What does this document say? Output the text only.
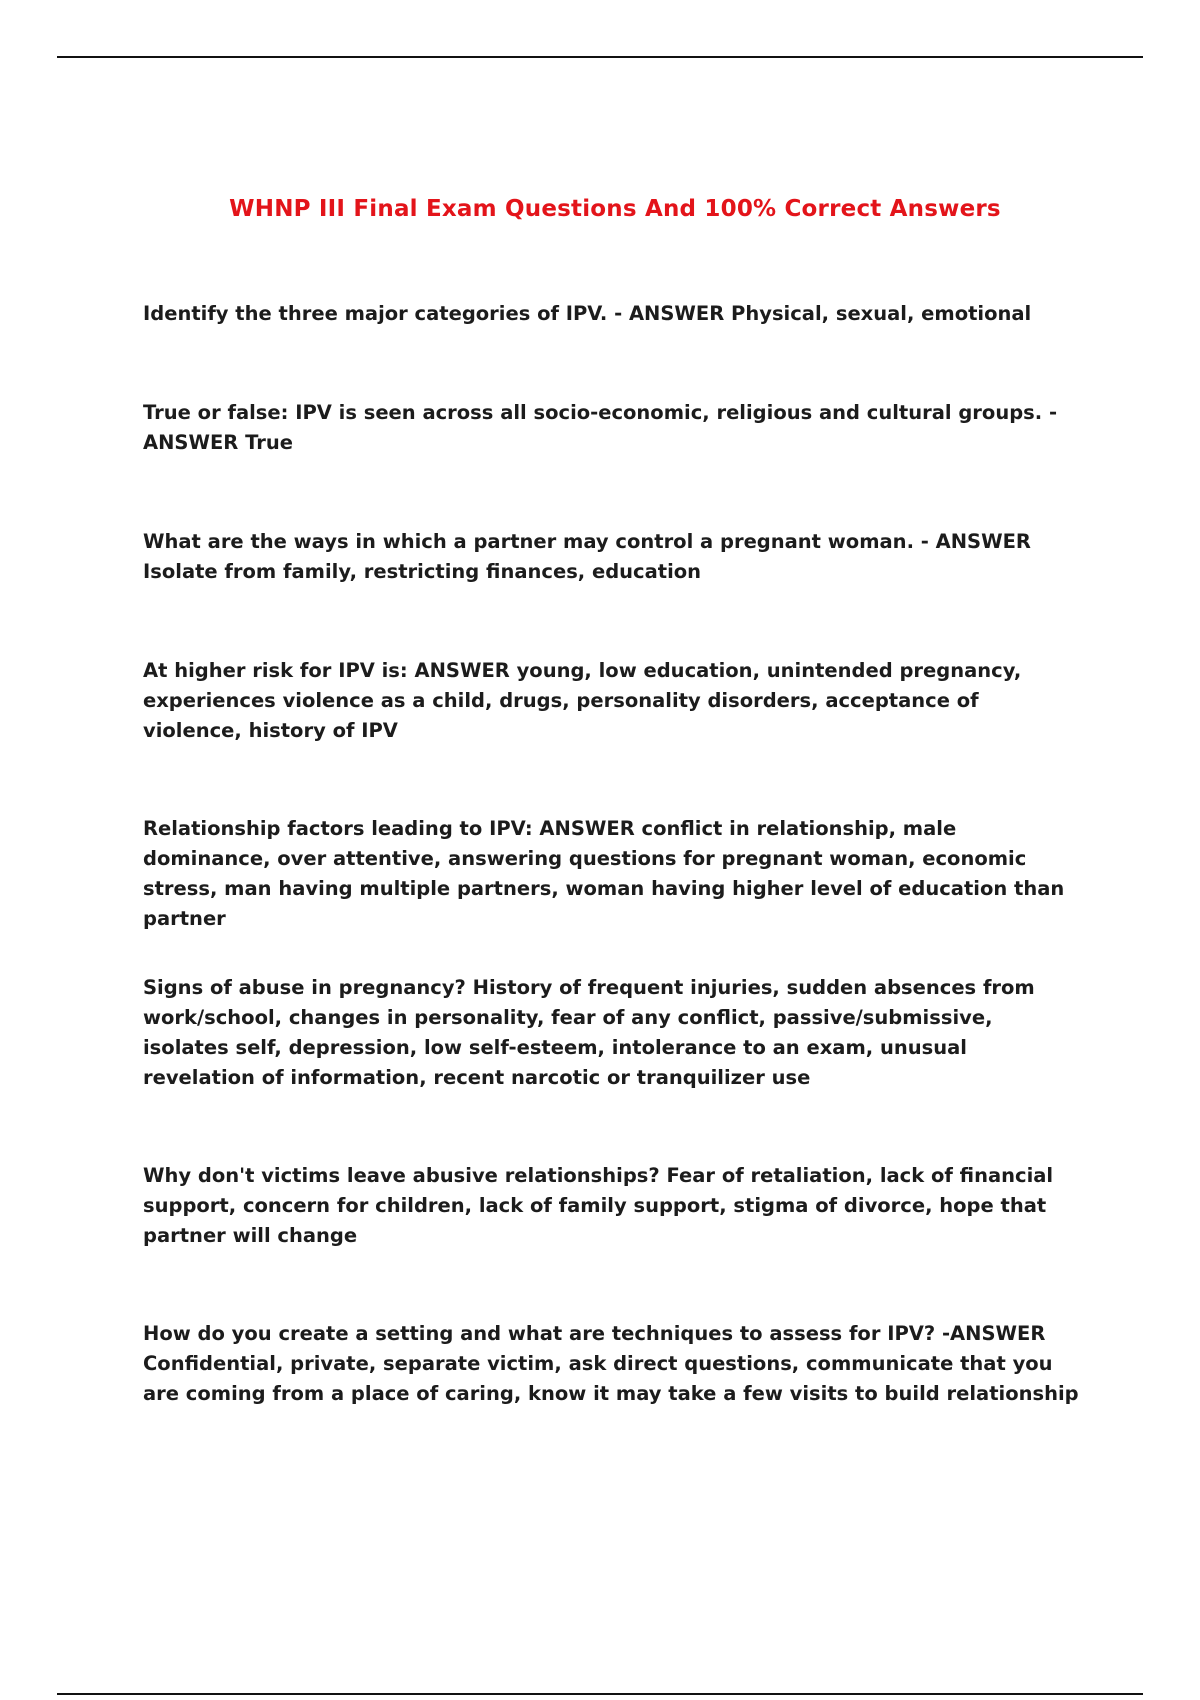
WHNP III Final Exam Questions And 100% Correct Answers

Identify the three major categories of IPV. - ANSWER Physical, sexual, emotional

True or false: IPV is seen across all socio-economic, religious and cultural groups. - ANSWER True

What are the ways in which a partner may control a pregnant woman. - ANSWER Isolate from family, restricting finances, education

At higher risk for IPV is: ANSWER young, low education, unintended pregnancy, experiences violence as a child, drugs, personality disorders, acceptance of violence, history of IPV

Relationship factors leading to IPV: ANSWER conflict in relationship, male dominance, over attentive, answering questions for pregnant woman, economic stress, man having multiple partners, woman having higher level of education than partner

Signs of abuse in pregnancy? History of frequent injuries, sudden absences from work/school, changes in personality, fear of any conflict, passive/submissive, isolates self, depression, low self-esteem, intolerance to an exam, unusual revelation of information, recent narcotic or tranquilizer use

Why don't victims leave abusive relationships? Fear of retaliation, lack of financial support, concern for children, lack of family support, stigma of divorce, hope that partner will change

How do you create a setting and what are techniques to assess for IPV? -ANSWER Confidential, private, separate victim, ask direct questions, communicate that you are coming from a place of caring, know it may take a few visits to build relationship
